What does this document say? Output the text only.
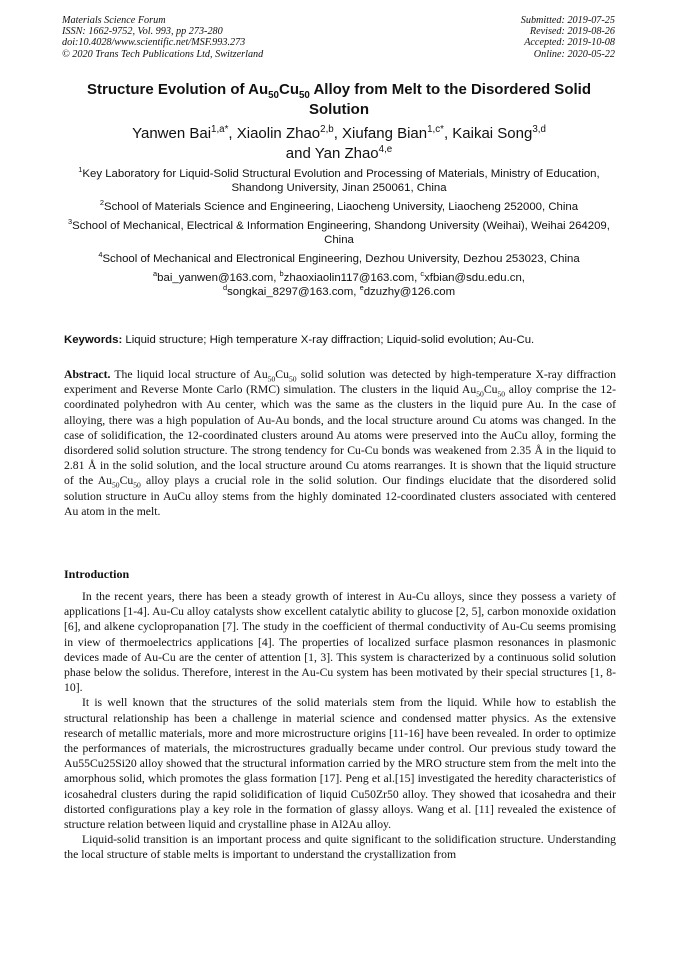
Materials Science Forum
ISSN: 1662-9752, Vol. 993, pp 273-280
doi:10.4028/www.scientific.net/MSF.993.273
© 2020 Trans Tech Publications Ltd, Switzerland
Submitted: 2019-07-25
Revised: 2019-08-26
Accepted: 2019-10-08
Online: 2020-05-22
Structure Evolution of $Au_{50}Cu_{50}$ Alloy from Melt to the Disordered Solid Solution
Yanwen Bai$^{1,a*}$, Xiaolin Zhao$^{2,b}$, Xiufang Bian$^{1,c*}$, Kaikai Song$^{3,d}$
and Yan Zhao$^{4,e}$
$^1$Key Laboratory for Liquid-Solid Structural Evolution and Processing of Materials, Ministry of Education, Shandong University, Jinan 250061, China
$^2$School of Materials Science and Engineering, Liaocheng University, Liaocheng 252000, China
$^3$School of Mechanical, Electrical & Information Engineering, Shandong University (Weihai), Weihai 264209, China
$^4$School of Mechanical and Electronical Engineering, Dezhou University, Dezhou 253023, China
$^a$bai_yanwen@163.com, $^b$zhaoxiaolin117@163.com, $^c$xfbian@sdu.edu.cn,
$^d$songkai_8297@163.com, $^e$dzuzhy@126.com
Keywords: Liquid structure; High temperature X-ray diffraction; Liquid-solid evolution; Au-Cu.
Abstract. The liquid local structure of $Au_{50}Cu_{50}$ solid solution was detected by high-temperature X-ray diffraction experiment and Reverse Monte Carlo (RMC) simulation. The clusters in the liquid $Au_{50}Cu_{50}$ alloy comprise the 12-coordinated polyhedron with Au center, which was the same as the clusters in the liquid pure Au. In the case of alloying, there was a high population of Au-Au bonds, and the local structure around Cu atoms was changed. In the case of solidification, the 12-coordinated clusters around Au atoms were preserved into the AuCu alloy, forming the disordered solid solution structure. The strong tendency for Cu-Cu bonds was weakened from 2.35 Å in the liquid to 2.81 Å in the solid solution, and the local structure around Cu atoms rearranges. It is shown that the liquid structure of the $Au_{50}Cu_{50}$ alloy plays a crucial role in the solid solution. Our findings elucidate that the disordered solid solution structure in AuCu alloy stems from the highly dominated 12-coordinated clusters associated with centered Au atom in the melt.
Introduction

In the recent years, there has been a steady growth of interest in Au-Cu alloys, since they possess a variety of applications [1-4]. Au-Cu alloy catalysts show excellent catalytic ability to glucose [2, 5], carbon monoxide oxidation [6], and alkene cyclopropanation [7]. The study in the coefficient of thermal conductivity of Au-Cu seems promising in view of thermoelectrics applications [4]. The properties of localized surface plasmon resonances in plasmonic devices made of Au-Cu are the center of attention [1, 3]. This system is characterized by a continuous solid solution phase below the solidus. Therefore, interest in the Au-Cu system has been motivated by their special structures [1, 8-10].

It is well known that the structures of the solid materials stem from the liquid. While how to establish the structural relationship has been a challenge in material science and condensed matter physics. As the extensive research of metallic materials, more and more microstructure origins [11-16] have been revealed. In order to optimize the performances of materials, the microstructures gradually became under control. Our previous study toward the Au55Cu25Si20 alloy showed that the structural information carried by the MRO structure stem from the melt into the amorphous solid, which promotes the glass formation [17]. Peng et al.[15] investigated the heredity characteristics of icosahedral clusters during the rapid solidification of liquid Cu50Zr50 alloy. They showed that icosahedra and their distorted configurations play a key role in the formation of glassy alloys. Wang et al. [11] revealed the existence of structure relation between liquid and crystalline phase in Al2Au alloy.

Liquid-solid transition is an important process and quite significant to the solidification structure. Understanding the local structure of stable melts is important to understand the crystallization from
